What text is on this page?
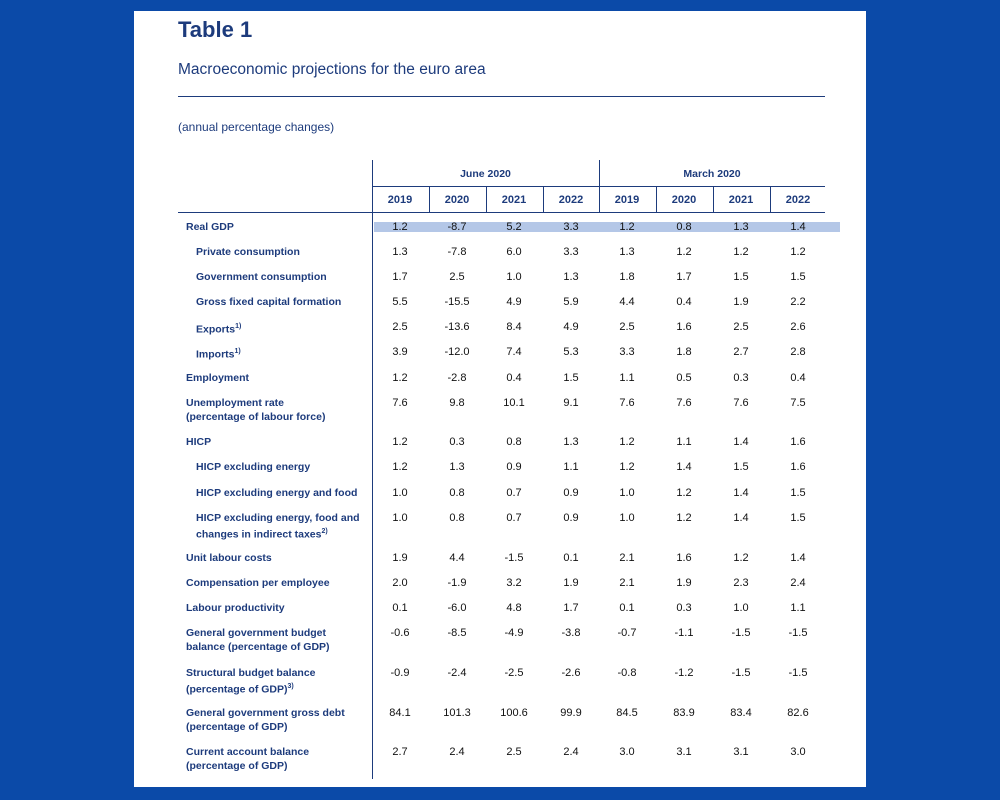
Table 1
Macroeconomic projections for the euro area
(annual percentage changes)
June 2020	March 2020
2019	2020	2021	2022	2019	2020	2021	2022
Real GDP	1.2	-8.7	5.2	3.3	1.2	0.8	1.3	1.4
Private consumption	1.3	-7.8	6.0	3.3	1.3	1.2	1.2	1.2
Government consumption	1.7	2.5	1.0	1.3	1.8	1.7	1.5	1.5
Gross fixed capital formation	5.5	-15.5	4.9	5.9	4.4	0.4	1.9	2.2
Exports$^{1)}$	2.5	-13.6	8.4	4.9	2.5	1.6	2.5	2.6
Imports$^{1)}$	3.9	-12.0	7.4	5.3	3.3	1.8	2.7	2.8
Employment	1.2	-2.8	0.4	1.5	1.1	0.5	0.3	0.4
Unemployment rate
(percentage of labour force)
7.6	9.8	10.1	9.1	7.6	7.6	7.6	7.5
HICP	1.2	0.3	0.8	1.3	1.2	1.1	1.4	1.6
HICP excluding energy	1.2	1.3	0.9	1.1	1.2	1.4	1.5	1.6
HICP excluding energy and food	1.0	0.8	0.7	0.9	1.0	1.2	1.4	1.5
HICP excluding energy, food and
changes in indirect taxes$^{2)}$
1.0	0.8	0.7	0.9	1.0	1.2	1.4	1.5
Unit labour costs	1.9	4.4	-1.5	0.1	2.1	1.6	1.2	1.4
Compensation per employee	2.0	-1.9	3.2	1.9	2.1	1.9	2.3	2.4
Labour productivity	0.1	-6.0	4.8	1.7	0.1	0.3	1.0	1.1
General government budget
balance (percentage of GDP)
-0.6	-8.5	-4.9	-3.8	-0.7	-1.1	-1.5	-1.5
Structural budget balance
(percentage of GDP)$^{3)}$
-0.9	-2.4	-2.5	-2.6	-0.8	-1.2	-1.5	-1.5
General government gross debt
(percentage of GDP)
84.1	101.3	100.6	99.9	84.5	83.9	83.4	82.6
Current account balance
(percentage of GDP)
2.7	2.4	2.5	2.4	3.0	3.1	3.1	3.0
